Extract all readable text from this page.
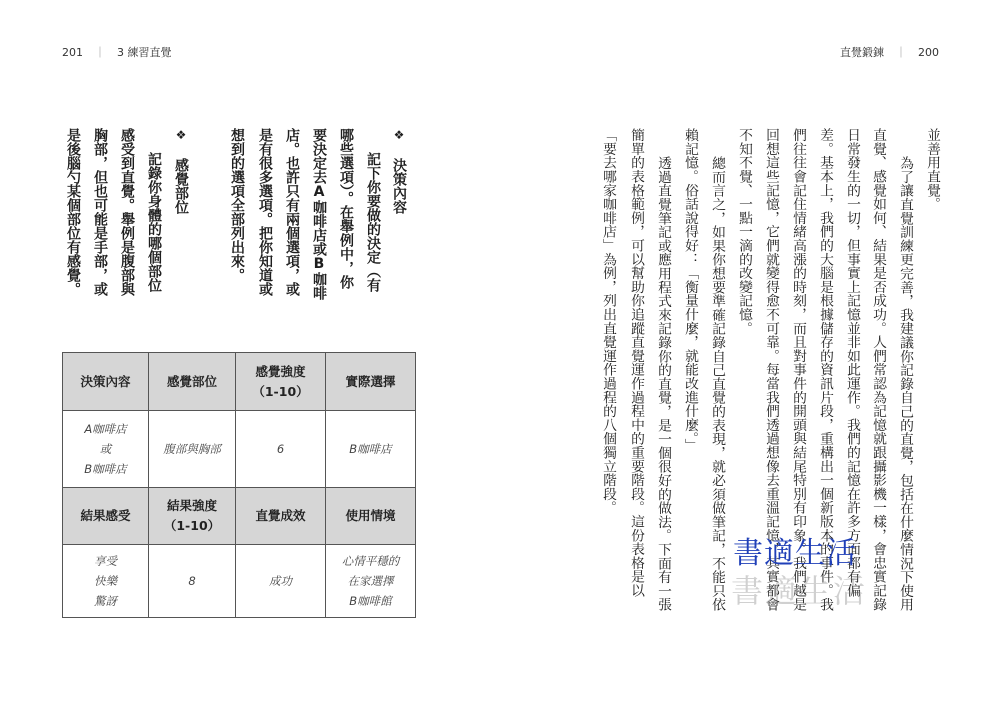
201 ｜ 3 練習直覺	直覺鍛鍊 ｜ 200
並善用直覺。
為了讓直覺訓練更完善，我建議你記錄自己的直覺，包括在什麼情況下使用
直覺、感覺如何、結果是否成功。人們常認為記憶就跟攝影機一樣，會忠實記錄
日常發生的一切，但事實上記憶並非如此運作。我們的記憶在許多方面都有偏
差。基本上，我們的大腦是根據儲存的資訊片段，重構出一個新版本的事件。我
們往往會記住情緒高漲的時刻，而且對事件的開頭與結尾特別有印象。我們越是
回想這些記憶，它們就變得愈不可靠。每當我們透過想像去重溫記憶，其實都會
不知不覺、一點一滴的改變記憶。
總而言之，如果你想要準確記錄自己直覺的表現，就必須做筆記，不能只依
賴記憶。俗話說得好：「衡量什麼，就能改進什麼。」
透過直覺筆記或應用程式來記錄你的直覺，是一個很好的做法。下面有一張
簡單的表格範例，可以幫助你追蹤直覺運作過程中的重要階段。這份表格是以
「要去哪家咖啡店」為例，列出直覺運作過程的八個獨立階段。
❖ 決策內容
記下你要做的決定（有
哪些選項）。在舉例中，你
要決定去A咖啡店或B咖啡
店。也許只有兩個選項，或
是有很多選項。把你知道或
想到的選項全部列出來。
❖ 感覺部位
記錄你身體的哪個部位
感受到直覺。舉例是腹部與
胸部，但也可能是手部，或
是後腦勺某個部位有感覺。
決策內容	感覺部位	感覺強度
（1-10）	實際選擇
A咖啡店
或
B咖啡店	腹部與胸部	6	B咖啡店
結果感受	結果強度
（1-10）	直覺成效	使用情境
享受
快樂
驚訝	8	成功	心情平穩的
在家選擇
B咖啡館	書適生活
書適生活
